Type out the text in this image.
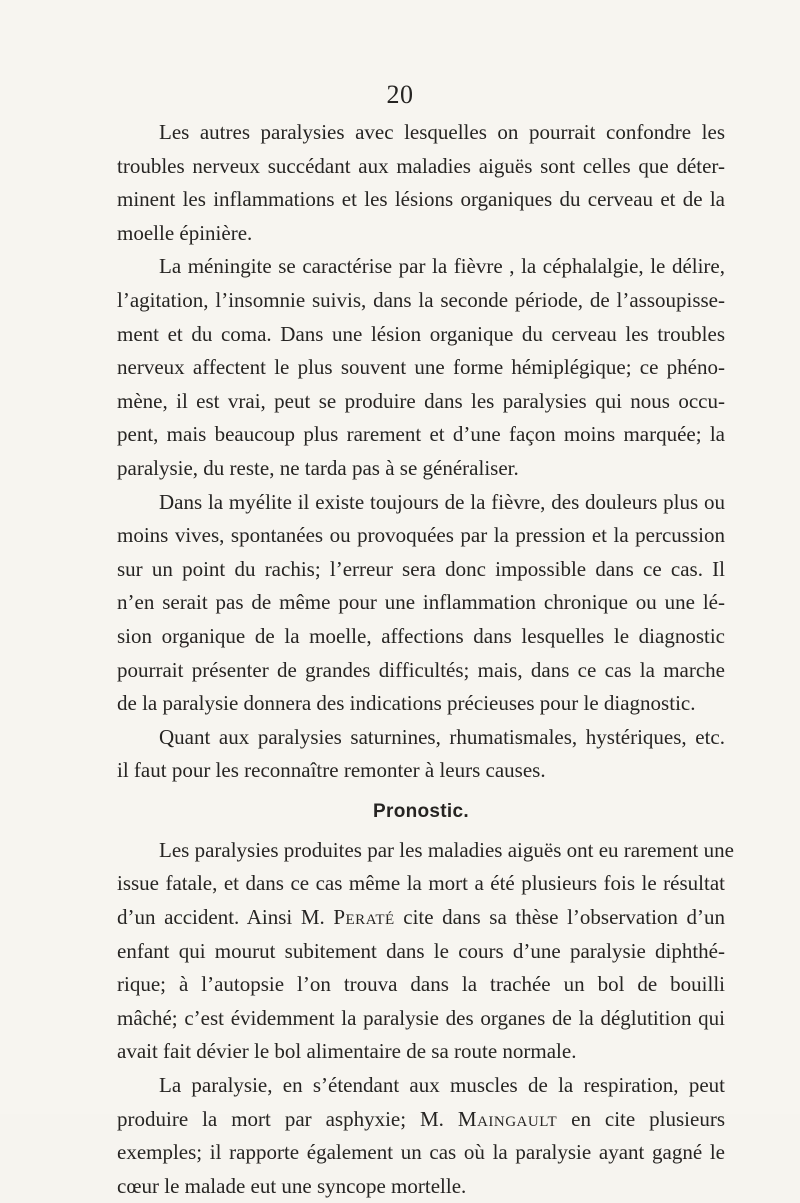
20

Les autres paralysies avec lesquelles on pourrait confondre les
troubles nerveux succédant aux maladies aiguës sont celles que déter-
minent les inflammations et les lésions organiques du cerveau et de la
moelle épinière.

La méningite se caractérise par la fièvre , la céphalalgie, le délire,
l’agitation, l’insomnie suivis, dans la seconde période, de l’assoupisse-
ment et du coma. Dans une lésion organique du cerveau les troubles
nerveux affectent le plus souvent une forme hémiplégique; ce phéno-
mène, il est vrai, peut se produire dans les paralysies qui nous occu-
pent, mais beaucoup plus rarement et d’une façon moins marquée; la
paralysie, du reste, ne tarda pas à se généraliser.

Dans la myélite il existe toujours de la fièvre, des douleurs plus ou
moins vives, spontanées ou provoquées par la pression et la percussion
sur un point du rachis; l’erreur sera donc impossible dans ce cas. Il
n’en serait pas de même pour une inflammation chronique ou une lé-
sion organique de la moelle, affections dans lesquelles le diagnostic
pourrait présenter de grandes difficultés; mais, dans ce cas la marche
de la paralysie donnera des indications précieuses pour le diagnostic.

Quant aux paralysies saturnines, rhumatismales, hystériques, etc.
il faut pour les reconnaître remonter à leurs causes.

Pronostic.

Les paralysies produites par les maladies aiguës ont eu rarement une
issue fatale, et dans ce cas même la mort a été plusieurs fois le résultat
d’un accident. Ainsi M. Peraté cite dans sa thèse l’observation d’un
enfant qui mourut subitement dans le cours d’une paralysie diphthé-
rique; à l’autopsie l’on trouva dans la trachée un bol de bouilli
mâché; c’est évidemment la paralysie des organes de la déglutition qui
avait fait dévier le bol alimentaire de sa route normale.

La paralysie, en s’étendant aux muscles de la respiration, peut
produire la mort par asphyxie; M. Maingault en cite plusieurs
exemples; il rapporte également un cas où la paralysie ayant gagné le
cœur le malade eut une syncope mortelle.
